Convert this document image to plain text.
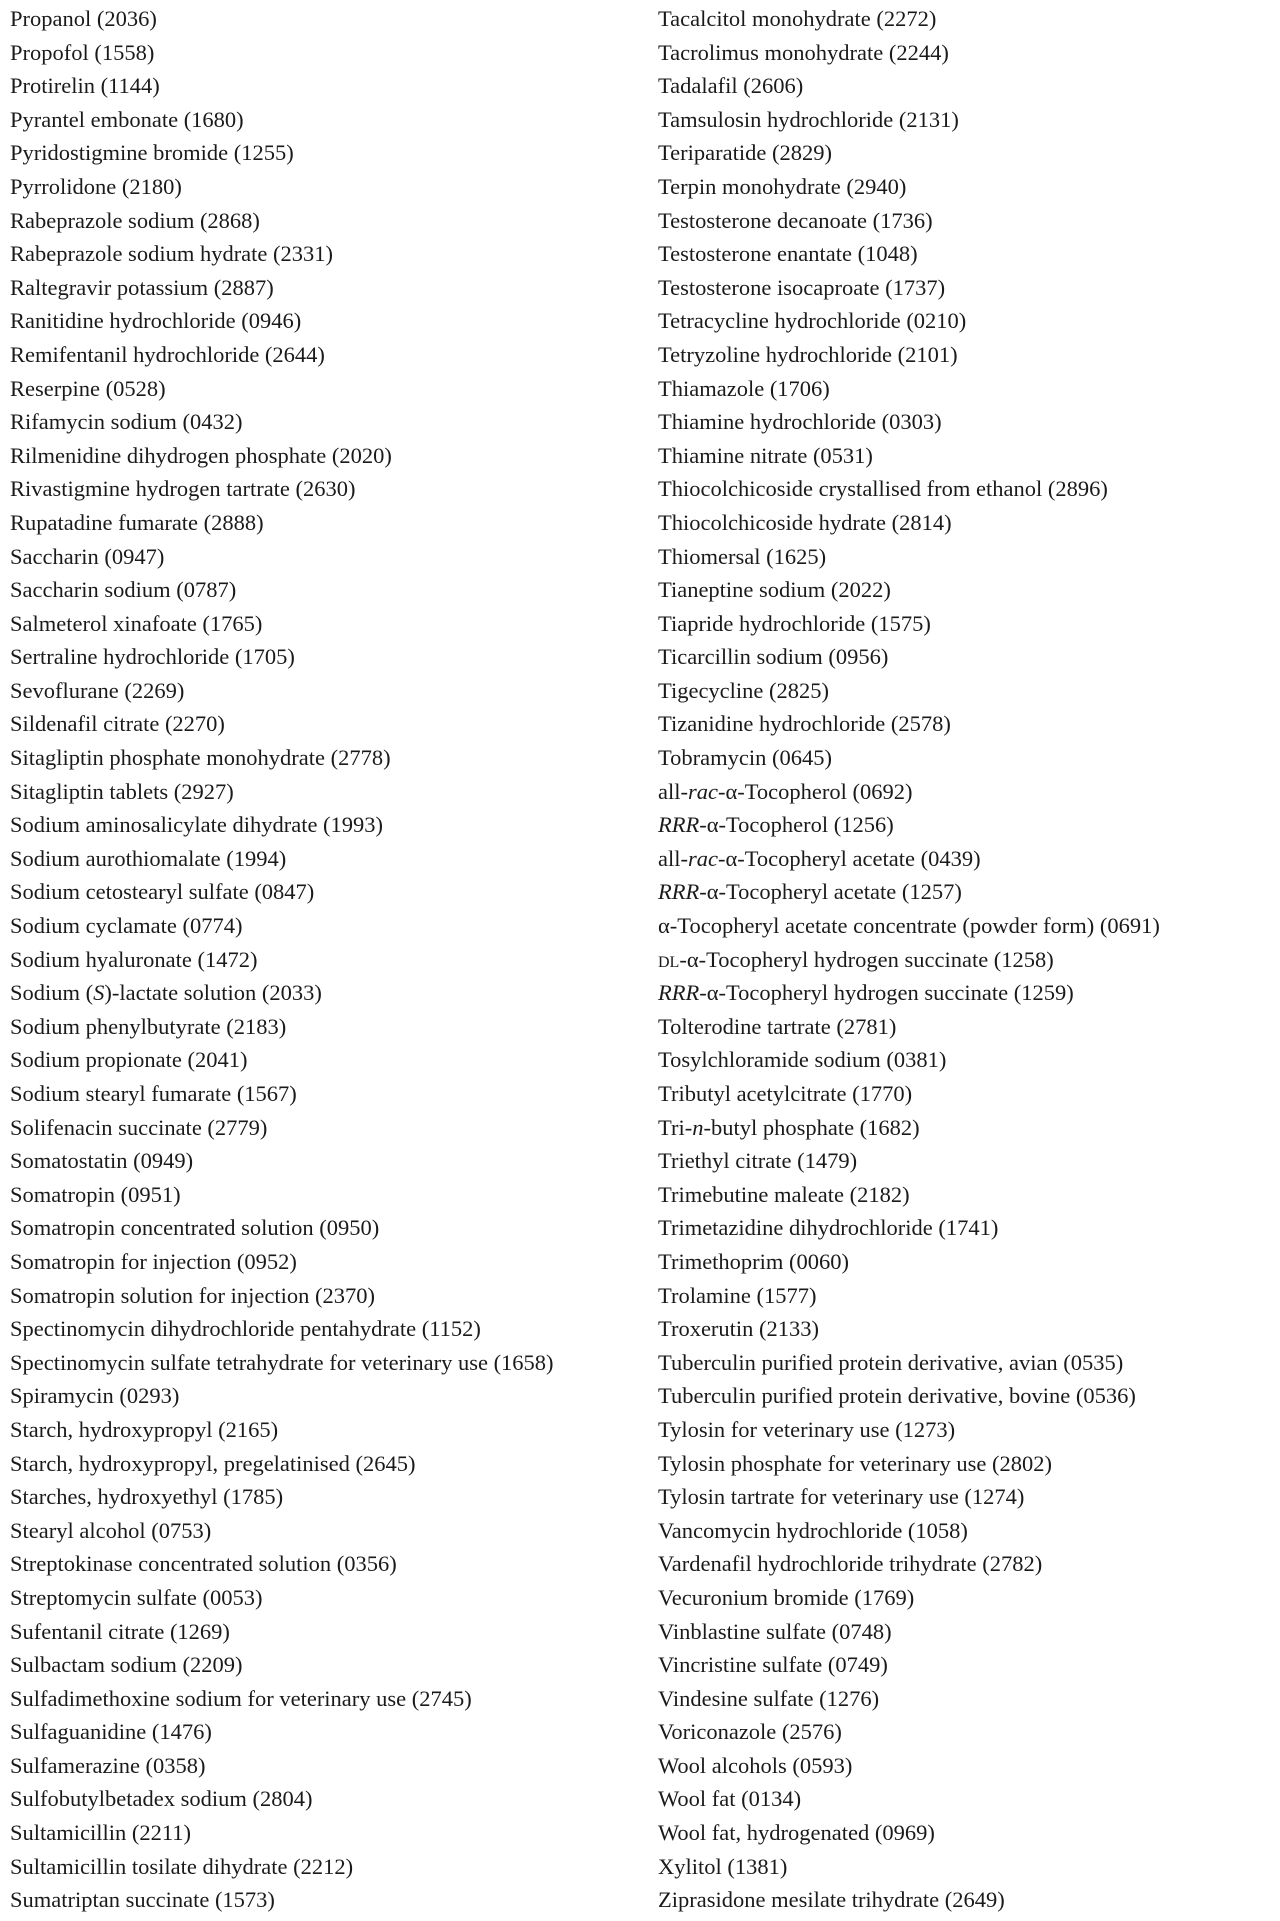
Propanol (2036)
Propofol (1558)
Protirelin (1144)
Pyrantel embonate (1680)
Pyridostigmine bromide (1255)
Pyrrolidone (2180)
Rabeprazole sodium (2868)
Rabeprazole sodium hydrate (2331)
Raltegravir potassium (2887)
Ranitidine hydrochloride (0946)
Remifentanil hydrochloride (2644)
Reserpine (0528)
Rifamycin sodium (0432)
Rilmenidine dihydrogen phosphate (2020)
Rivastigmine hydrogen tartrate (2630)
Rupatadine fumarate (2888)
Saccharin (0947)
Saccharin sodium (0787)
Salmeterol xinafoate (1765)
Sertraline hydrochloride (1705)
Sevoflurane (2269)
Sildenafil citrate (2270)
Sitagliptin phosphate monohydrate (2778)
Sitagliptin tablets (2927)
Sodium aminosalicylate dihydrate (1993)
Sodium aurothiomalate (1994)
Sodium cetostearyl sulfate (0847)
Sodium cyclamate (0774)
Sodium hyaluronate (1472)
Sodium (S)-lactate solution (2033)
Sodium phenylbutyrate (2183)
Sodium propionate (2041)
Sodium stearyl fumarate (1567)
Solifenacin succinate (2779)
Somatostatin (0949)
Somatropin (0951)
Somatropin concentrated solution (0950)
Somatropin for injection (0952)
Somatropin solution for injection (2370)
Spectinomycin dihydrochloride pentahydrate (1152)
Spectinomycin sulfate tetrahydrate for veterinary use (1658)
Spiramycin (0293)
Starch, hydroxypropyl (2165)
Starch, hydroxypropyl, pregelatinised (2645)
Starches, hydroxyethyl (1785)
Stearyl alcohol (0753)
Streptokinase concentrated solution (0356)
Streptomycin sulfate (0053)
Sufentanil citrate (1269)
Sulbactam sodium (2209)
Sulfadimethoxine sodium for veterinary use (2745)
Sulfaguanidine (1476)
Sulfamerazine (0358)
Sulfobutylbetadex sodium (2804)
Sultamicillin (2211)
Sultamicillin tosilate dihydrate (2212)
Sumatriptan succinate (1573)
Tacalcitol monohydrate (2272)
Tacrolimus monohydrate (2244)
Tadalafil (2606)
Tamsulosin hydrochloride (2131)
Teriparatide (2829)
Terpin monohydrate (2940)
Testosterone decanoate (1736)
Testosterone enantate (1048)
Testosterone isocaproate (1737)
Tetracycline hydrochloride (0210)
Tetryzoline hydrochloride (2101)
Thiamazole (1706)
Thiamine hydrochloride (0303)
Thiamine nitrate (0531)
Thiocolchicoside crystallised from ethanol (2896)
Thiocolchicoside hydrate (2814)
Thiomersal (1625)
Tianeptine sodium (2022)
Tiapride hydrochloride (1575)
Ticarcillin sodium (0956)
Tigecycline (2825)
Tizanidine hydrochloride (2578)
Tobramycin (0645)
all-rac-α-Tocopherol (0692)
RRR-α-Tocopherol (1256)
all-rac-α-Tocopheryl acetate (0439)
RRR-α-Tocopheryl acetate (1257)
α-Tocopheryl acetate concentrate (powder form) (0691)
dl-α-Tocopheryl hydrogen succinate (1258)
RRR-α-Tocopheryl hydrogen succinate (1259)
Tolterodine tartrate (2781)
Tosylchloramide sodium (0381)
Tributyl acetylcitrate (1770)
Tri-n-butyl phosphate (1682)
Triethyl citrate (1479)
Trimebutine maleate (2182)
Trimetazidine dihydrochloride (1741)
Trimethoprim (0060)
Trolamine (1577)
Troxerutin (2133)
Tuberculin purified protein derivative, avian (0535)
Tuberculin purified protein derivative, bovine (0536)
Tylosin for veterinary use (1273)
Tylosin phosphate for veterinary use (2802)
Tylosin tartrate for veterinary use (1274)
Vancomycin hydrochloride (1058)
Vardenafil hydrochloride trihydrate (2782)
Vecuronium bromide (1769)
Vinblastine sulfate (0748)
Vincristine sulfate (0749)
Vindesine sulfate (1276)
Voriconazole (2576)
Wool alcohols (0593)
Wool fat (0134)
Wool fat, hydrogenated (0969)
Xylitol (1381)
Ziprasidone mesilate trihydrate (2649)
